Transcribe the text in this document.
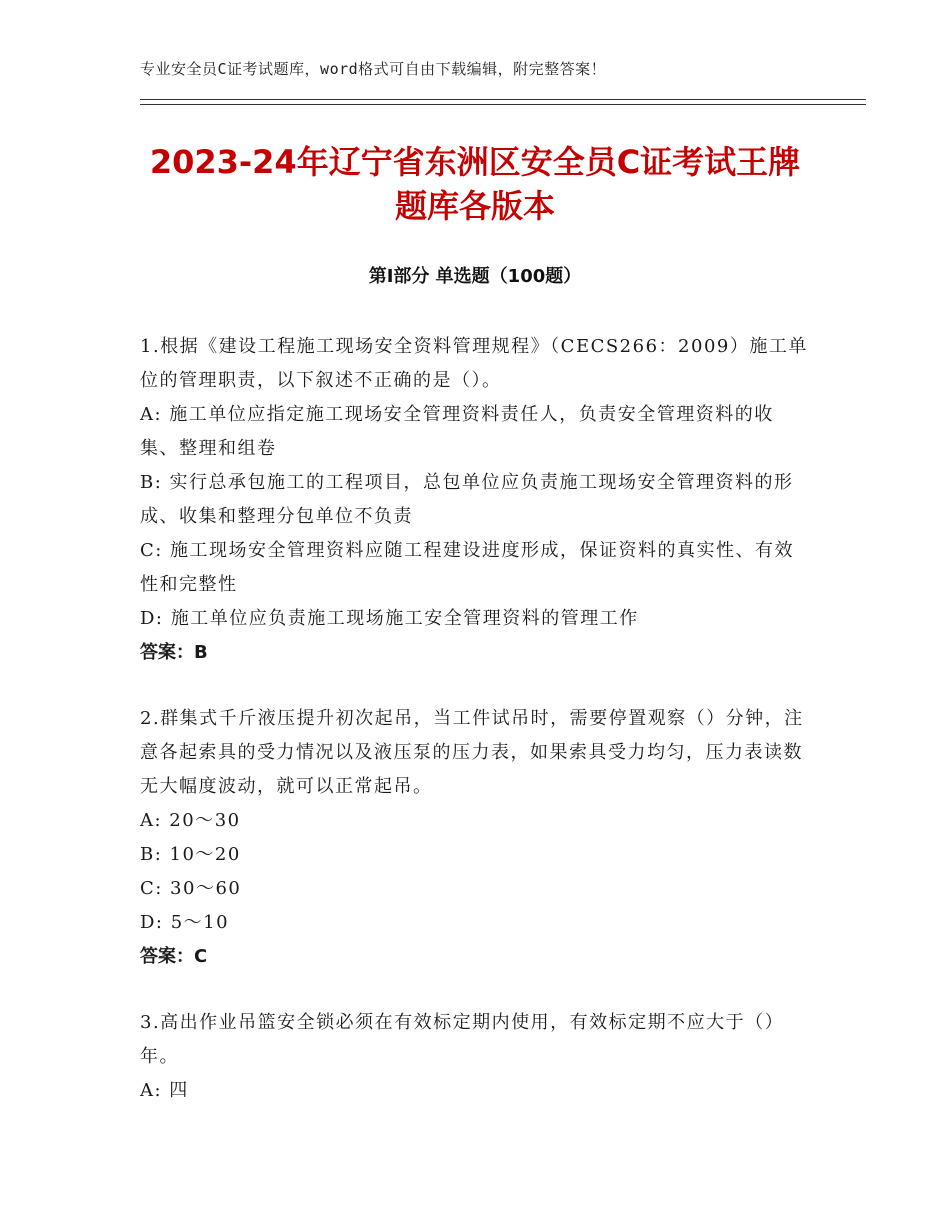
专业安全员C证考试题库，word格式可自由下载编辑，附完整答案！
2023-24年辽宁省东洲区安全员C证考试王牌
题库各版本
第I部分 单选题（100题）

1.根据《建设工程施工现场安全资料管理规程》（CECS266：2009）施工单位的管理职责，以下叙述不正确的是（）。

A: 施工单位应指定施工现场安全管理资料责任人，负责安全管理资料的收集、整理和组卷

B: 实行总承包施工的工程项目，总包单位应负责施工现场安全管理资料的形成、收集和整理分包单位不负责

C: 施工现场安全管理资料应随工程建设进度形成，保证资料的真实性、有效性和完整性

D: 施工单位应负责施工现场施工安全管理资料的管理工作

答案：B

2.群集式千斤液压提升初次起吊，当工件试吊时，需要停置观察（）分钟，注意各起索具的受力情况以及液压泵的压力表，如果索具受力均匀，压力表读数无大幅度波动，就可以正常起吊。

A: 20～30

B: 10～20

C: 30～60

D: 5～10

答案：C

3.高出作业吊篮安全锁必须在有效标定期内使用，有效标定期不应大于（）年。

A: 四
